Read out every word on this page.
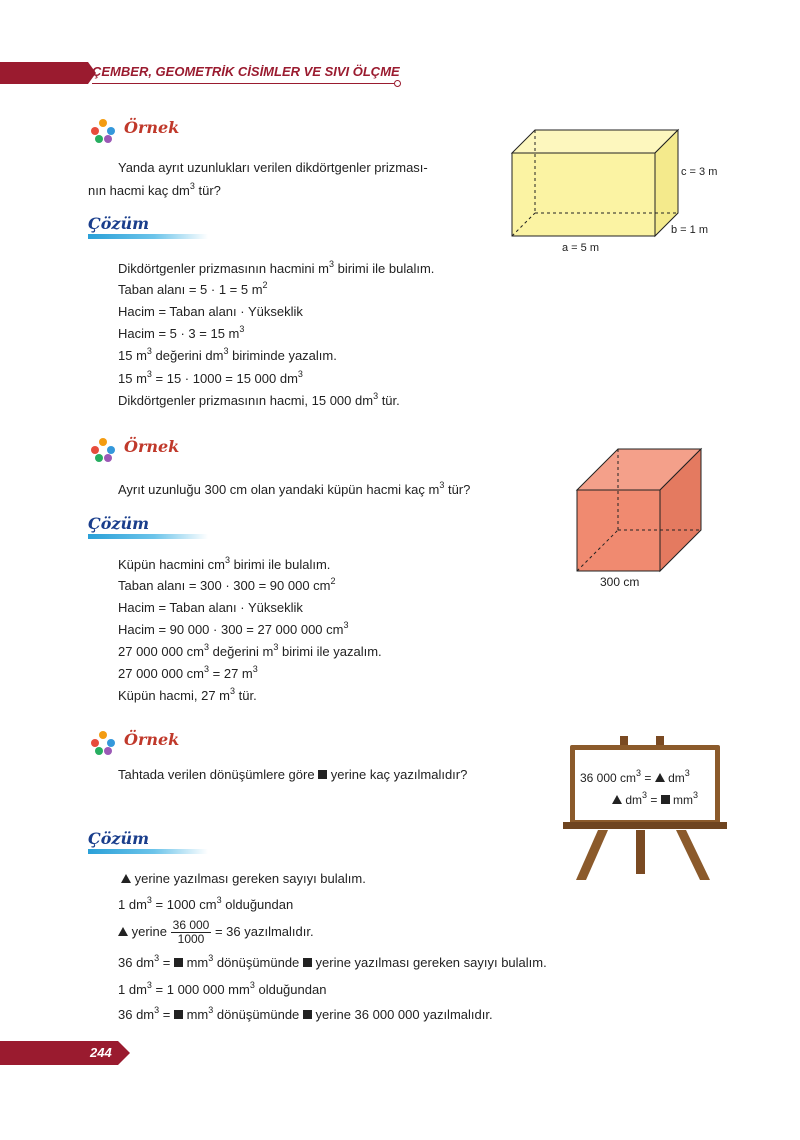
ÇEMBER, GEOMETRİK CİSİMLER VE SIVI ÖLÇME
Örnek
Yanda ayrıt uzunlukları verilen dikdörtgenler prizması-
nın hacmi kaç $dm^3$ tür?
c = 3 m
b = 1 m
a = 5 m
Çözüm
Dikdörtgenler prizmasının hacmini $m^3$ birimi ile bulalım.
Taban alanı = 5 · 1 = 5 $m^2$
Hacim = Taban alanı · Yükseklik
Hacim = 5 · 3 = 15 $m^3$
15 $m^3$ değerini $dm^3$ biriminde yazalım.
15 $m^3 = 15 \cdot 1000 = 15$ 000 $dm^3$
Dikdörtgenler prizmasının hacmi, 15 000 $dm^3$ tür.
Örnek
Ayrıt uzunluğu 300 cm olan yandaki küpün hacmi kaç $m^3$ tür?
300 cm
Çözüm
Küpün hacmini $cm^3$ birimi ile bulalım.
Taban alanı = 300 · 300 = 90 000 $cm^2$
Hacim = Taban alanı · Yükseklik
Hacim = 90 000 · 300 = 27 000 000 $cm^3$
27 000 000 $cm^3$ değerini $m^3$ birimi ile yazalım.
27 000 000 $cm^3 = 27$ $m^3$
Küpün hacmi, 27 $m^3$ tür.
Örnek
Tahtada verilen dönüşümlere göre  yerine kaç yazılmalıdır?	36 000 $cm^3 = dm^3$
$dm^3 = mm^3$
Çözüm
yerine yazılması gereken sayıyı bulalım.
1 $dm^3 = 1000$ $cm^3$ olduğundan
yerine $\frac{36 000}{1000} = 36$ yazılmalıdır.
36 $dm^3 = mm^3$ dönüşümünde  yerine yazılması gereken sayıyı bulalım.
1 $dm^3 = 1$ 000 000 $mm^3$ olduğundan
36 $dm^3 = mm^3$ dönüşümünde  yerine 36 000 000 yazılmalıdır.
244
